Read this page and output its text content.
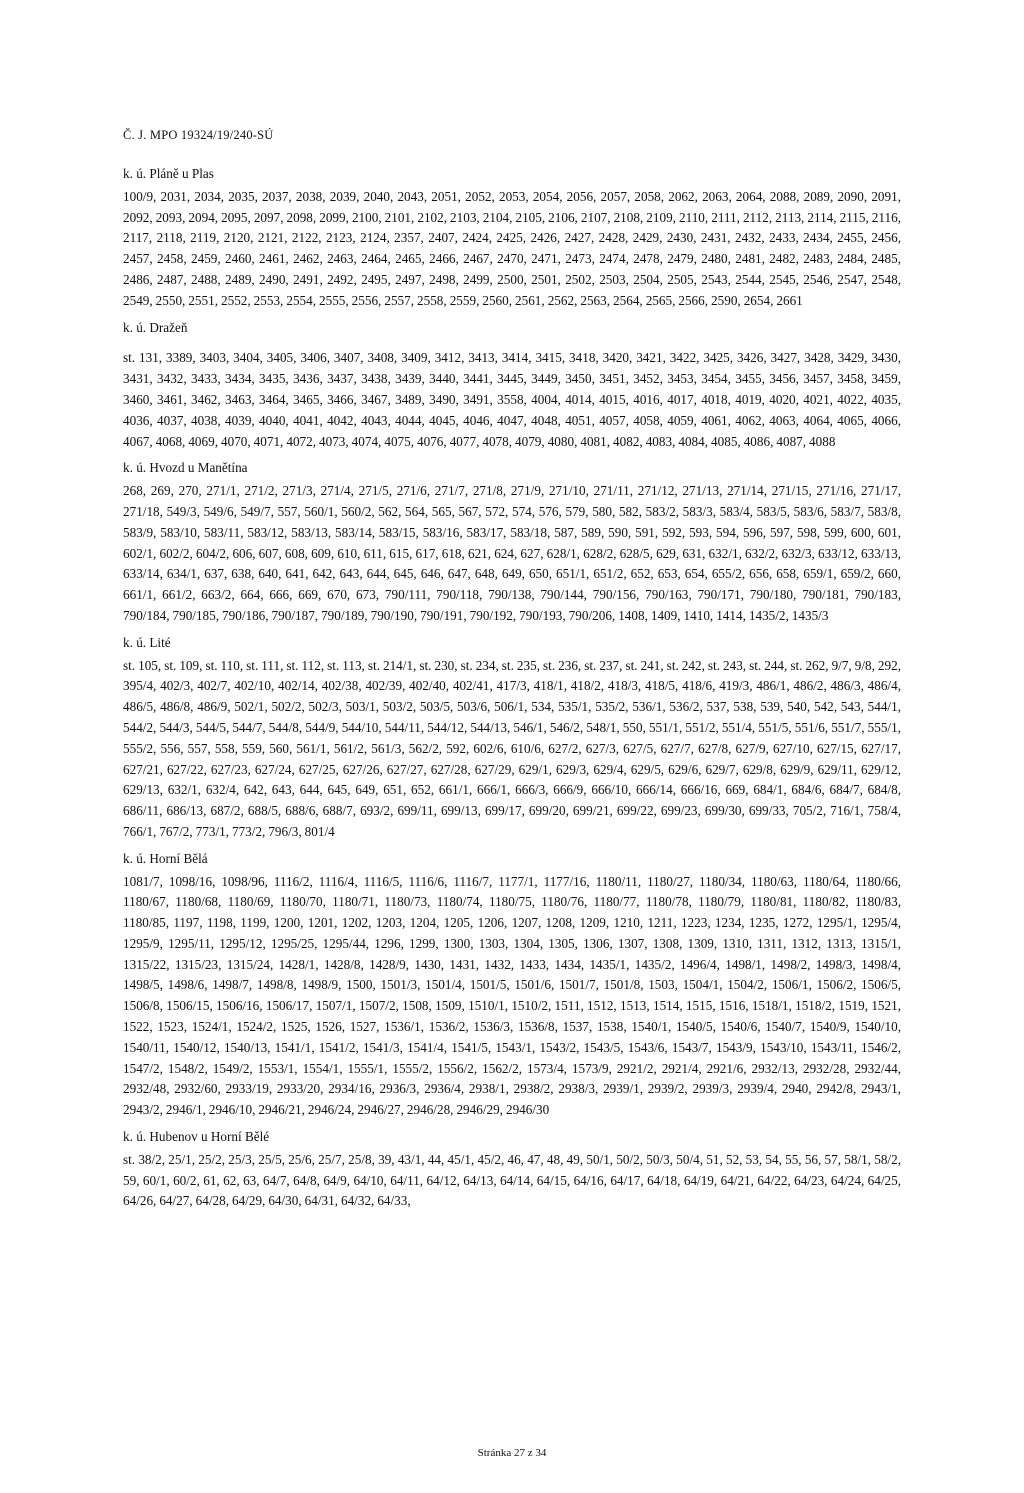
Č. J. MPO 19324/19/240-SÚ
k. ú. Pláně u Plas
100/9, 2031, 2034, 2035, 2037, 2038, 2039, 2040, 2043, 2051, 2052, 2053, 2054, 2056, 2057, 2058, 2062, 2063, 2064, 2088, 2089, 2090, 2091, 2092, 2093, 2094, 2095, 2097, 2098, 2099, 2100, 2101, 2102, 2103, 2104, 2105, 2106, 2107, 2108, 2109, 2110, 2111, 2112, 2113, 2114, 2115, 2116, 2117, 2118, 2119, 2120, 2121, 2122, 2123, 2124, 2357, 2407, 2424, 2425, 2426, 2427, 2428, 2429, 2430, 2431, 2432, 2433, 2434, 2455, 2456, 2457, 2458, 2459, 2460, 2461, 2462, 2463, 2464, 2465, 2466, 2467, 2470, 2471, 2473, 2474, 2478, 2479, 2480, 2481, 2482, 2483, 2484, 2485, 2486, 2487, 2488, 2489, 2490, 2491, 2492, 2495, 2497, 2498, 2499, 2500, 2501, 2502, 2503, 2504, 2505, 2543, 2544, 2545, 2546, 2547, 2548, 2549, 2550, 2551, 2552, 2553, 2554, 2555, 2556, 2557, 2558, 2559, 2560, 2561, 2562, 2563, 2564, 2565, 2566, 2590, 2654, 2661
k. ú. Dražeň
st. 131, 3389, 3403, 3404, 3405, 3406, 3407, 3408, 3409, 3412, 3413, 3414, 3415, 3418, 3420, 3421, 3422, 3425, 3426, 3427, 3428, 3429, 3430, 3431, 3432, 3433, 3434, 3435, 3436, 3437, 3438, 3439, 3440, 3441, 3445, 3449, 3450, 3451, 3452, 3453, 3454, 3455, 3456, 3457, 3458, 3459, 3460, 3461, 3462, 3463, 3464, 3465, 3466, 3467, 3489, 3490, 3491, 3558, 4004, 4014, 4015, 4016, 4017, 4018, 4019, 4020, 4021, 4022, 4035, 4036, 4037, 4038, 4039, 4040, 4041, 4042, 4043, 4044, 4045, 4046, 4047, 4048, 4051, 4057, 4058, 4059, 4061, 4062, 4063, 4064, 4065, 4066, 4067, 4068, 4069, 4070, 4071, 4072, 4073, 4074, 4075, 4076, 4077, 4078, 4079, 4080, 4081, 4082, 4083, 4084, 4085, 4086, 4087, 4088
k. ú. Hvozd u Manětína
268, 269, 270, 271/1, 271/2, 271/3, 271/4, 271/5, 271/6, 271/7, 271/8, 271/9, 271/10, 271/11, 271/12, 271/13, 271/14, 271/15, 271/16, 271/17, 271/18, 549/3, 549/6, 549/7, 557, 560/1, 560/2, 562, 564, 565, 567, 572, 574, 576, 579, 580, 582, 583/2, 583/3, 583/4, 583/5, 583/6, 583/7, 583/8, 583/9, 583/10, 583/11, 583/12, 583/13, 583/14, 583/15, 583/16, 583/17, 583/18, 587, 589, 590, 591, 592, 593, 594, 596, 597, 598, 599, 600, 601, 602/1, 602/2, 604/2, 606, 607, 608, 609, 610, 611, 615, 617, 618, 621, 624, 627, 628/1, 628/2, 628/5, 629, 631, 632/1, 632/2, 632/3, 633/12, 633/13, 633/14, 634/1, 637, 638, 640, 641, 642, 643, 644, 645, 646, 647, 648, 649, 650, 651/1, 651/2, 652, 653, 654, 655/2, 656, 658, 659/1, 659/2, 660, 661/1, 661/2, 663/2, 664, 666, 669, 670, 673, 790/111, 790/118, 790/138, 790/144, 790/156, 790/163, 790/171, 790/180, 790/181, 790/183, 790/184, 790/185, 790/186, 790/187, 790/189, 790/190, 790/191, 790/192, 790/193, 790/206, 1408, 1409, 1410, 1414, 1435/2, 1435/3
k. ú. Lité
st. 105, st. 109, st. 110, st. 111, st. 112, st. 113, st. 214/1, st. 230, st. 234, st. 235, st. 236, st. 237, st. 241, st. 242, st. 243, st. 244, st. 262, 9/7, 9/8, 292, 395/4, 402/3, 402/7, 402/10, 402/14, 402/38, 402/39, 402/40, 402/41, 417/3, 418/1, 418/2, 418/3, 418/5, 418/6, 419/3, 486/1, 486/2, 486/3, 486/4, 486/5, 486/8, 486/9, 502/1, 502/2, 502/3, 503/1, 503/2, 503/5, 503/6, 506/1, 534, 535/1, 535/2, 536/1, 536/2, 537, 538, 539, 540, 542, 543, 544/1, 544/2, 544/3, 544/5, 544/7, 544/8, 544/9, 544/10, 544/11, 544/12, 544/13, 546/1, 546/2, 548/1, 550, 551/1, 551/2, 551/4, 551/5, 551/6, 551/7, 555/1, 555/2, 556, 557, 558, 559, 560, 561/1, 561/2, 561/3, 562/2, 592, 602/6, 610/6, 627/2, 627/3, 627/5, 627/7, 627/8, 627/9, 627/10, 627/15, 627/17, 627/21, 627/22, 627/23, 627/24, 627/25, 627/26, 627/27, 627/28, 627/29, 629/1, 629/3, 629/4, 629/5, 629/6, 629/7, 629/8, 629/9, 629/11, 629/12, 629/13, 632/1, 632/4, 642, 643, 644, 645, 649, 651, 652, 661/1, 666/1, 666/3, 666/9, 666/10, 666/14, 666/16, 669, 684/1, 684/6, 684/7, 684/8, 686/11, 686/13, 687/2, 688/5, 688/6, 688/7, 693/2, 699/11, 699/13, 699/17, 699/20, 699/21, 699/22, 699/23, 699/30, 699/33, 705/2, 716/1, 758/4, 766/1, 767/2, 773/1, 773/2, 796/3, 801/4
k. ú. Horní Bělá
1081/7, 1098/16, 1098/96, 1116/2, 1116/4, 1116/5, 1116/6, 1116/7, 1177/1, 1177/16, 1180/11, 1180/27, 1180/34, 1180/63, 1180/64, 1180/66, 1180/67, 1180/68, 1180/69, 1180/70, 1180/71, 1180/73, 1180/74, 1180/75, 1180/76, 1180/77, 1180/78, 1180/79, 1180/81, 1180/82, 1180/83, 1180/85, 1197, 1198, 1199, 1200, 1201, 1202, 1203, 1204, 1205, 1206, 1207, 1208, 1209, 1210, 1211, 1223, 1234, 1235, 1272, 1295/1, 1295/4, 1295/9, 1295/11, 1295/12, 1295/25, 1295/44, 1296, 1299, 1300, 1303, 1304, 1305, 1306, 1307, 1308, 1309, 1310, 1311, 1312, 1313, 1315/1, 1315/22, 1315/23, 1315/24, 1428/1, 1428/8, 1428/9, 1430, 1431, 1432, 1433, 1434, 1435/1, 1435/2, 1496/4, 1498/1, 1498/2, 1498/3, 1498/4, 1498/5, 1498/6, 1498/7, 1498/8, 1498/9, 1500, 1501/3, 1501/4, 1501/5, 1501/6, 1501/7, 1501/8, 1503, 1504/1, 1504/2, 1506/1, 1506/2, 1506/5, 1506/8, 1506/15, 1506/16, 1506/17, 1507/1, 1507/2, 1508, 1509, 1510/1, 1510/2, 1511, 1512, 1513, 1514, 1515, 1516, 1518/1, 1518/2, 1519, 1521, 1522, 1523, 1524/1, 1524/2, 1525, 1526, 1527, 1536/1, 1536/2, 1536/3, 1536/8, 1537, 1538, 1540/1, 1540/5, 1540/6, 1540/7, 1540/9, 1540/10, 1540/11, 1540/12, 1540/13, 1541/1, 1541/2, 1541/3, 1541/4, 1541/5, 1543/1, 1543/2, 1543/5, 1543/6, 1543/7, 1543/9, 1543/10, 1543/11, 1546/2, 1547/2, 1548/2, 1549/2, 1553/1, 1554/1, 1555/1, 1555/2, 1556/2, 1562/2, 1573/4, 1573/9, 2921/2, 2921/4, 2921/6, 2932/13, 2932/28, 2932/44, 2932/48, 2932/60, 2933/19, 2933/20, 2934/16, 2936/3, 2936/4, 2938/1, 2938/2, 2938/3, 2939/1, 2939/2, 2939/3, 2939/4, 2940, 2942/8, 2943/1, 2943/2, 2946/1, 2946/10, 2946/21, 2946/24, 2946/27, 2946/28, 2946/29, 2946/30
k. ú. Hubenov u Horní Bělé
st. 38/2, 25/1, 25/2, 25/3, 25/5, 25/6, 25/7, 25/8, 39, 43/1, 44, 45/1, 45/2, 46, 47, 48, 49, 50/1, 50/2, 50/3, 50/4, 51, 52, 53, 54, 55, 56, 57, 58/1, 58/2, 59, 60/1, 60/2, 61, 62, 63, 64/7, 64/8, 64/9, 64/10, 64/11, 64/12, 64/13, 64/14, 64/15, 64/16, 64/17, 64/18, 64/19, 64/21, 64/22, 64/23, 64/24, 64/25, 64/26, 64/27, 64/28, 64/29, 64/30, 64/31, 64/32, 64/33,
Stránka 27 z 34
